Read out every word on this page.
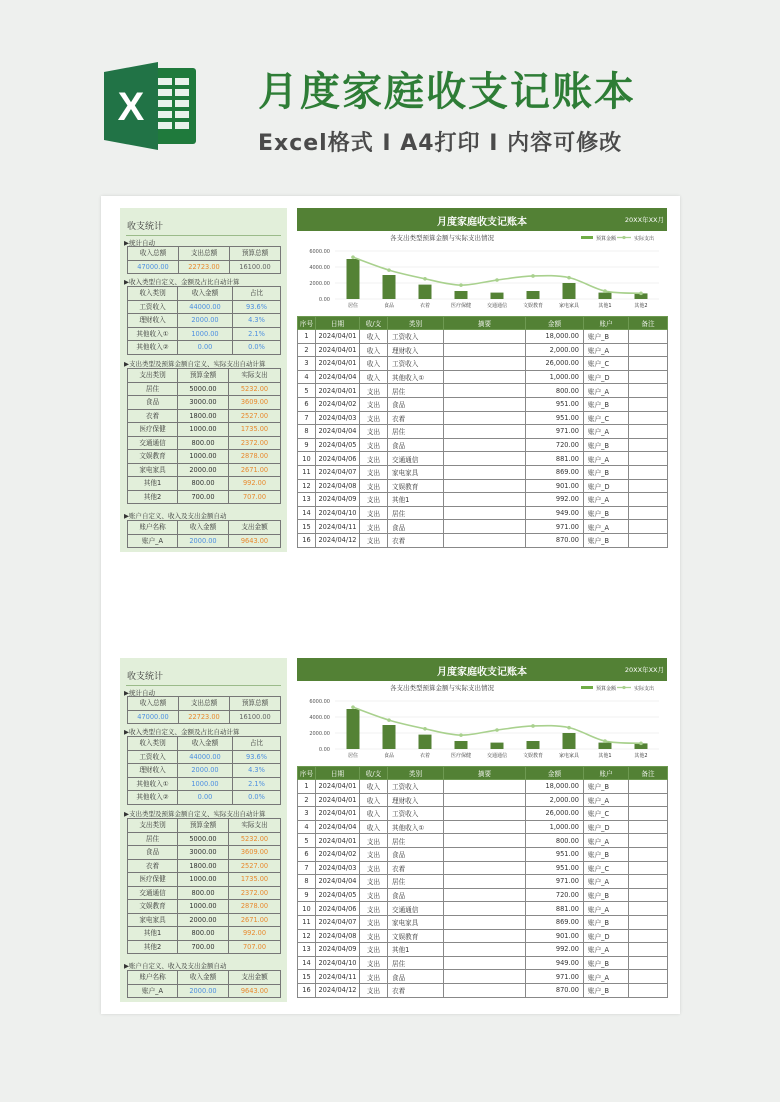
X	月度家庭收支记账本
Excel格式 I A4打印 I 内容可修改
收支统计
▶统计自动
收入总额	支出总额	预算总额
47000.00	22723.00	16100.00
▶收入类型自定义、金额及占比自动计算
收入类别	收入金额	占比
工资收入	44000.00	93.6%
理财收入	2000.00	4.3%
其他收入①	1000.00	2.1%
其他收入②	0.00	0.0%
▶支出类型及预算金额自定义、实际支出自动计算
支出类别	预算金额	实际支出
居住	5000.00	5232.00
食品	3000.00	3609.00
衣着	1800.00	2527.00
医疗保健	1000.00	1735.00
交通通信	800.00	2372.00
文娱教育	1000.00	2878.00
家电家具	2000.00	2671.00
其他1	800.00	992.00
其他2	700.00	707.00
▶账户自定义、收入及支出金额自动
账户名称	收入金额	支出金额
账户_A	2000.00	9643.00
月度家庭收支记账本	20XX年XX月
各支出类型预算金额与实际支出情况	预算金额	实际支出
6000.00
4000.00
2000.00
0.00
居住	食品	衣着	医疗保健	交通通信	文娱教育	家电家具	其他1	其他2
序号	日期	收/支	类别	摘要	金额	账户	备注
1	2024/04/01	收入	工资收入		18,000.00	账户_B	
2	2024/04/01	收入	理财收入		2,000.00	账户_A	
3	2024/04/01	收入	工资收入		26,000.00	账户_C	
4	2024/04/04	收入	其他收入①		1,000.00	账户_D	
5	2024/04/01	支出	居住		800.00	账户_A	
6	2024/04/02	支出	食品		951.00	账户_B	
7	2024/04/03	支出	衣着		951.00	账户_C	
8	2024/04/04	支出	居住		971.00	账户_A	
9	2024/04/05	支出	食品		720.00	账户_B	
10	2024/04/06	支出	交通通信		881.00	账户_A	
11	2024/04/07	支出	家电家具		869.00	账户_B	
12	2024/04/08	支出	文娱教育		901.00	账户_D	
13	2024/04/09	支出	其他1		992.00	账户_A	
14	2024/04/10	支出	居住		949.00	账户_B	
15	2024/04/11	支出	食品		971.00	账户_A	
16	2024/04/12	支出	衣着		870.00	账户_B	
收支统计
▶统计自动
收入总额	支出总额	预算总额
47000.00	22723.00	16100.00
▶收入类型自定义、金额及占比自动计算
收入类别	收入金额	占比
工资收入	44000.00	93.6%
理财收入	2000.00	4.3%
其他收入①	1000.00	2.1%
其他收入②	0.00	0.0%
▶支出类型及预算金额自定义、实际支出自动计算
支出类别	预算金额	实际支出
居住	5000.00	5232.00
食品	3000.00	3609.00
衣着	1800.00	2527.00
医疗保健	1000.00	1735.00
交通通信	800.00	2372.00
文娱教育	1000.00	2878.00
家电家具	2000.00	2671.00
其他1	800.00	992.00
其他2	700.00	707.00
▶账户自定义、收入及支出金额自动
账户名称	收入金额	支出金额
账户_A	2000.00	9643.00
月度家庭收支记账本	20XX年XX月
各支出类型预算金额与实际支出情况	预算金额	实际支出
6000.00
4000.00
2000.00
0.00
居住	食品	衣着	医疗保健	交通通信	文娱教育	家电家具	其他1	其他2
序号	日期	收/支	类别	摘要	金额	账户	备注
1	2024/04/01	收入	工资收入		18,000.00	账户_B	
2	2024/04/01	收入	理财收入		2,000.00	账户_A	
3	2024/04/01	收入	工资收入		26,000.00	账户_C	
4	2024/04/04	收入	其他收入①		1,000.00	账户_D	
5	2024/04/01	支出	居住		800.00	账户_A	
6	2024/04/02	支出	食品		951.00	账户_B	
7	2024/04/03	支出	衣着		951.00	账户_C	
8	2024/04/04	支出	居住		971.00	账户_A	
9	2024/04/05	支出	食品		720.00	账户_B	
10	2024/04/06	支出	交通通信		881.00	账户_A	
11	2024/04/07	支出	家电家具		869.00	账户_B	
12	2024/04/08	支出	文娱教育		901.00	账户_D	
13	2024/04/09	支出	其他1		992.00	账户_A	
14	2024/04/10	支出	居住		949.00	账户_B	
15	2024/04/11	支出	食品		971.00	账户_A	
16	2024/04/12	支出	衣着		870.00	账户_B	
